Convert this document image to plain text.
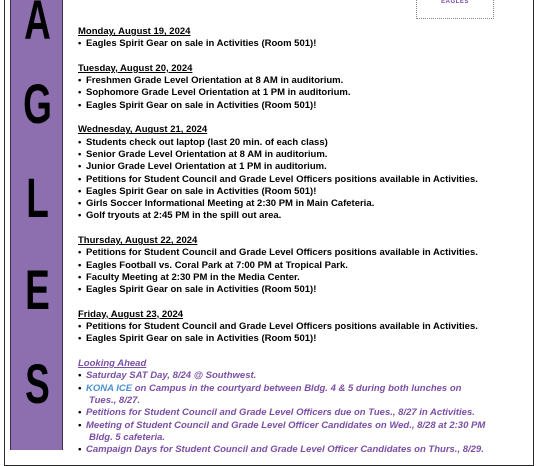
A
G
L
E
S
EAGLES
Monday, August 19, 2024
• Eagles Spirit Gear on sale in Activities (Room 501)!
Tuesday, August 20, 2024
• Freshmen Grade Level Orientation at 8 AM in auditorium.
• Sophomore Grade Level Orientation at 1 PM in auditorium.
• Eagles Spirit Gear on sale in Activities (Room 501)!
Wednesday, August 21, 2024
• Students check out laptop (last 20 min. of each class)
• Senior Grade Level Orientation at 8 AM in auditorium.
• Junior Grade Level Orientation at 1 PM in auditorium.
• Petitions for Student Council and Grade Level Officers positions available in Activities.
• Eagles Spirit Gear on sale in Activities (Room 501)!
• Girls Soccer Informational Meeting at 2:30 PM in Main Cafeteria.
• Golf tryouts at 2:45 PM in the spill out area.
Thursday, August 22, 2024
• Petitions for Student Council and Grade Level Officers positions available in Activities.
• Eagles Football vs. Coral Park at 7:00 PM at Tropical Park.
• Faculty Meeting at 2:30 PM in the Media Center.
• Eagles Spirit Gear on sale in Activities (Room 501)!
Friday, August 23, 2024
• Petitions for Student Council and Grade Level Officers positions available in Activities.
• Eagles Spirit Gear on sale in Activities (Room 501)!
Looking Ahead
• Saturday SAT Day, 8/24 @ Southwest.
• KONA ICE on Campus in the courtyard between Bldg. 4 & 5 during both lunches on
Tues., 8/27.
• Petitions for Student Council and Grade Level Officers due on Tues., 8/27 in Activities.
• Meeting of Student Council and Grade Level Officer Candidates on Wed., 8/28 at 2:30 PM
Bldg. 5 cafeteria.
• Campaign Days for Student Council and Grade Level Officer Candidates on Thurs., 8/29.
